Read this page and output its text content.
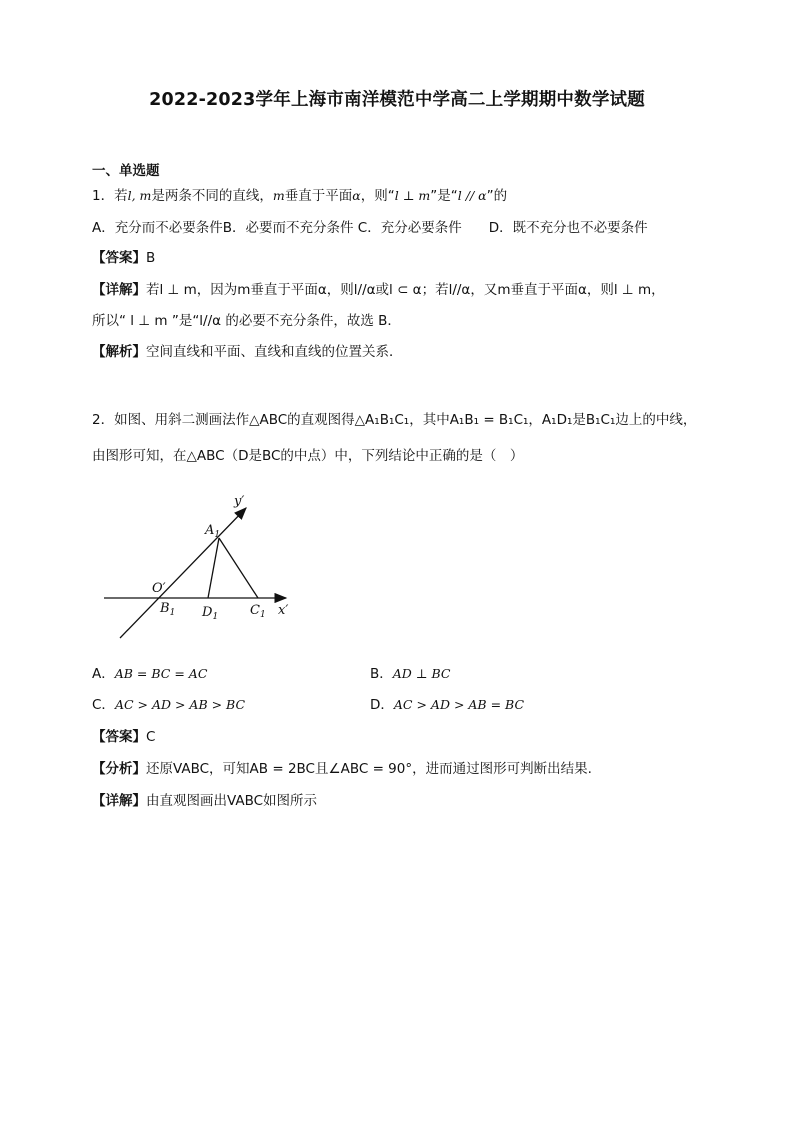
2022-2023学年上海市南洋模范中学高二上学期期中数学试题
一、单选题
1．若l, m是两条不同的直线，m垂直于平面α，则“l ⊥ m”是“l // α”的
A．充分而不必要条件B．必要而不充分条件 C．充分必要条件　　D．既不充分也不必要条件
【答案】B
【详解】若l ⊥ m，因为m垂直于平面α，则l//α或l ⊂ α；若l//α，又m垂直于平面α，则l ⊥ m，
所以“ l ⊥ m ”是“l//α 的必要不充分条件，故选 B．
【解析】空间直线和平面、直线和直线的位置关系．
2．如图、用斜二测画法作△ABC的直观图得△A₁B₁C₁，其中A₁B₁ = B₁C₁，A₁D₁是B₁C₁边上的中线，
由图形可知，在△ABC（D是BC的中点）中，下列结论中正确的是（　）
y′
x′
O′
$A_1$
$B_1$ $D_1$ $C_1$
A．AB = BC = AC	B．AD ⊥ BC
C．AC > AD > AB > BC	D．AC > AD > AB = BC
【答案】C
【分析】还原VABC，可知AB = 2BC且∠ABC = 90°，进而通过图形可判断出结果.
【详解】由直观图画出VABC如图所示
